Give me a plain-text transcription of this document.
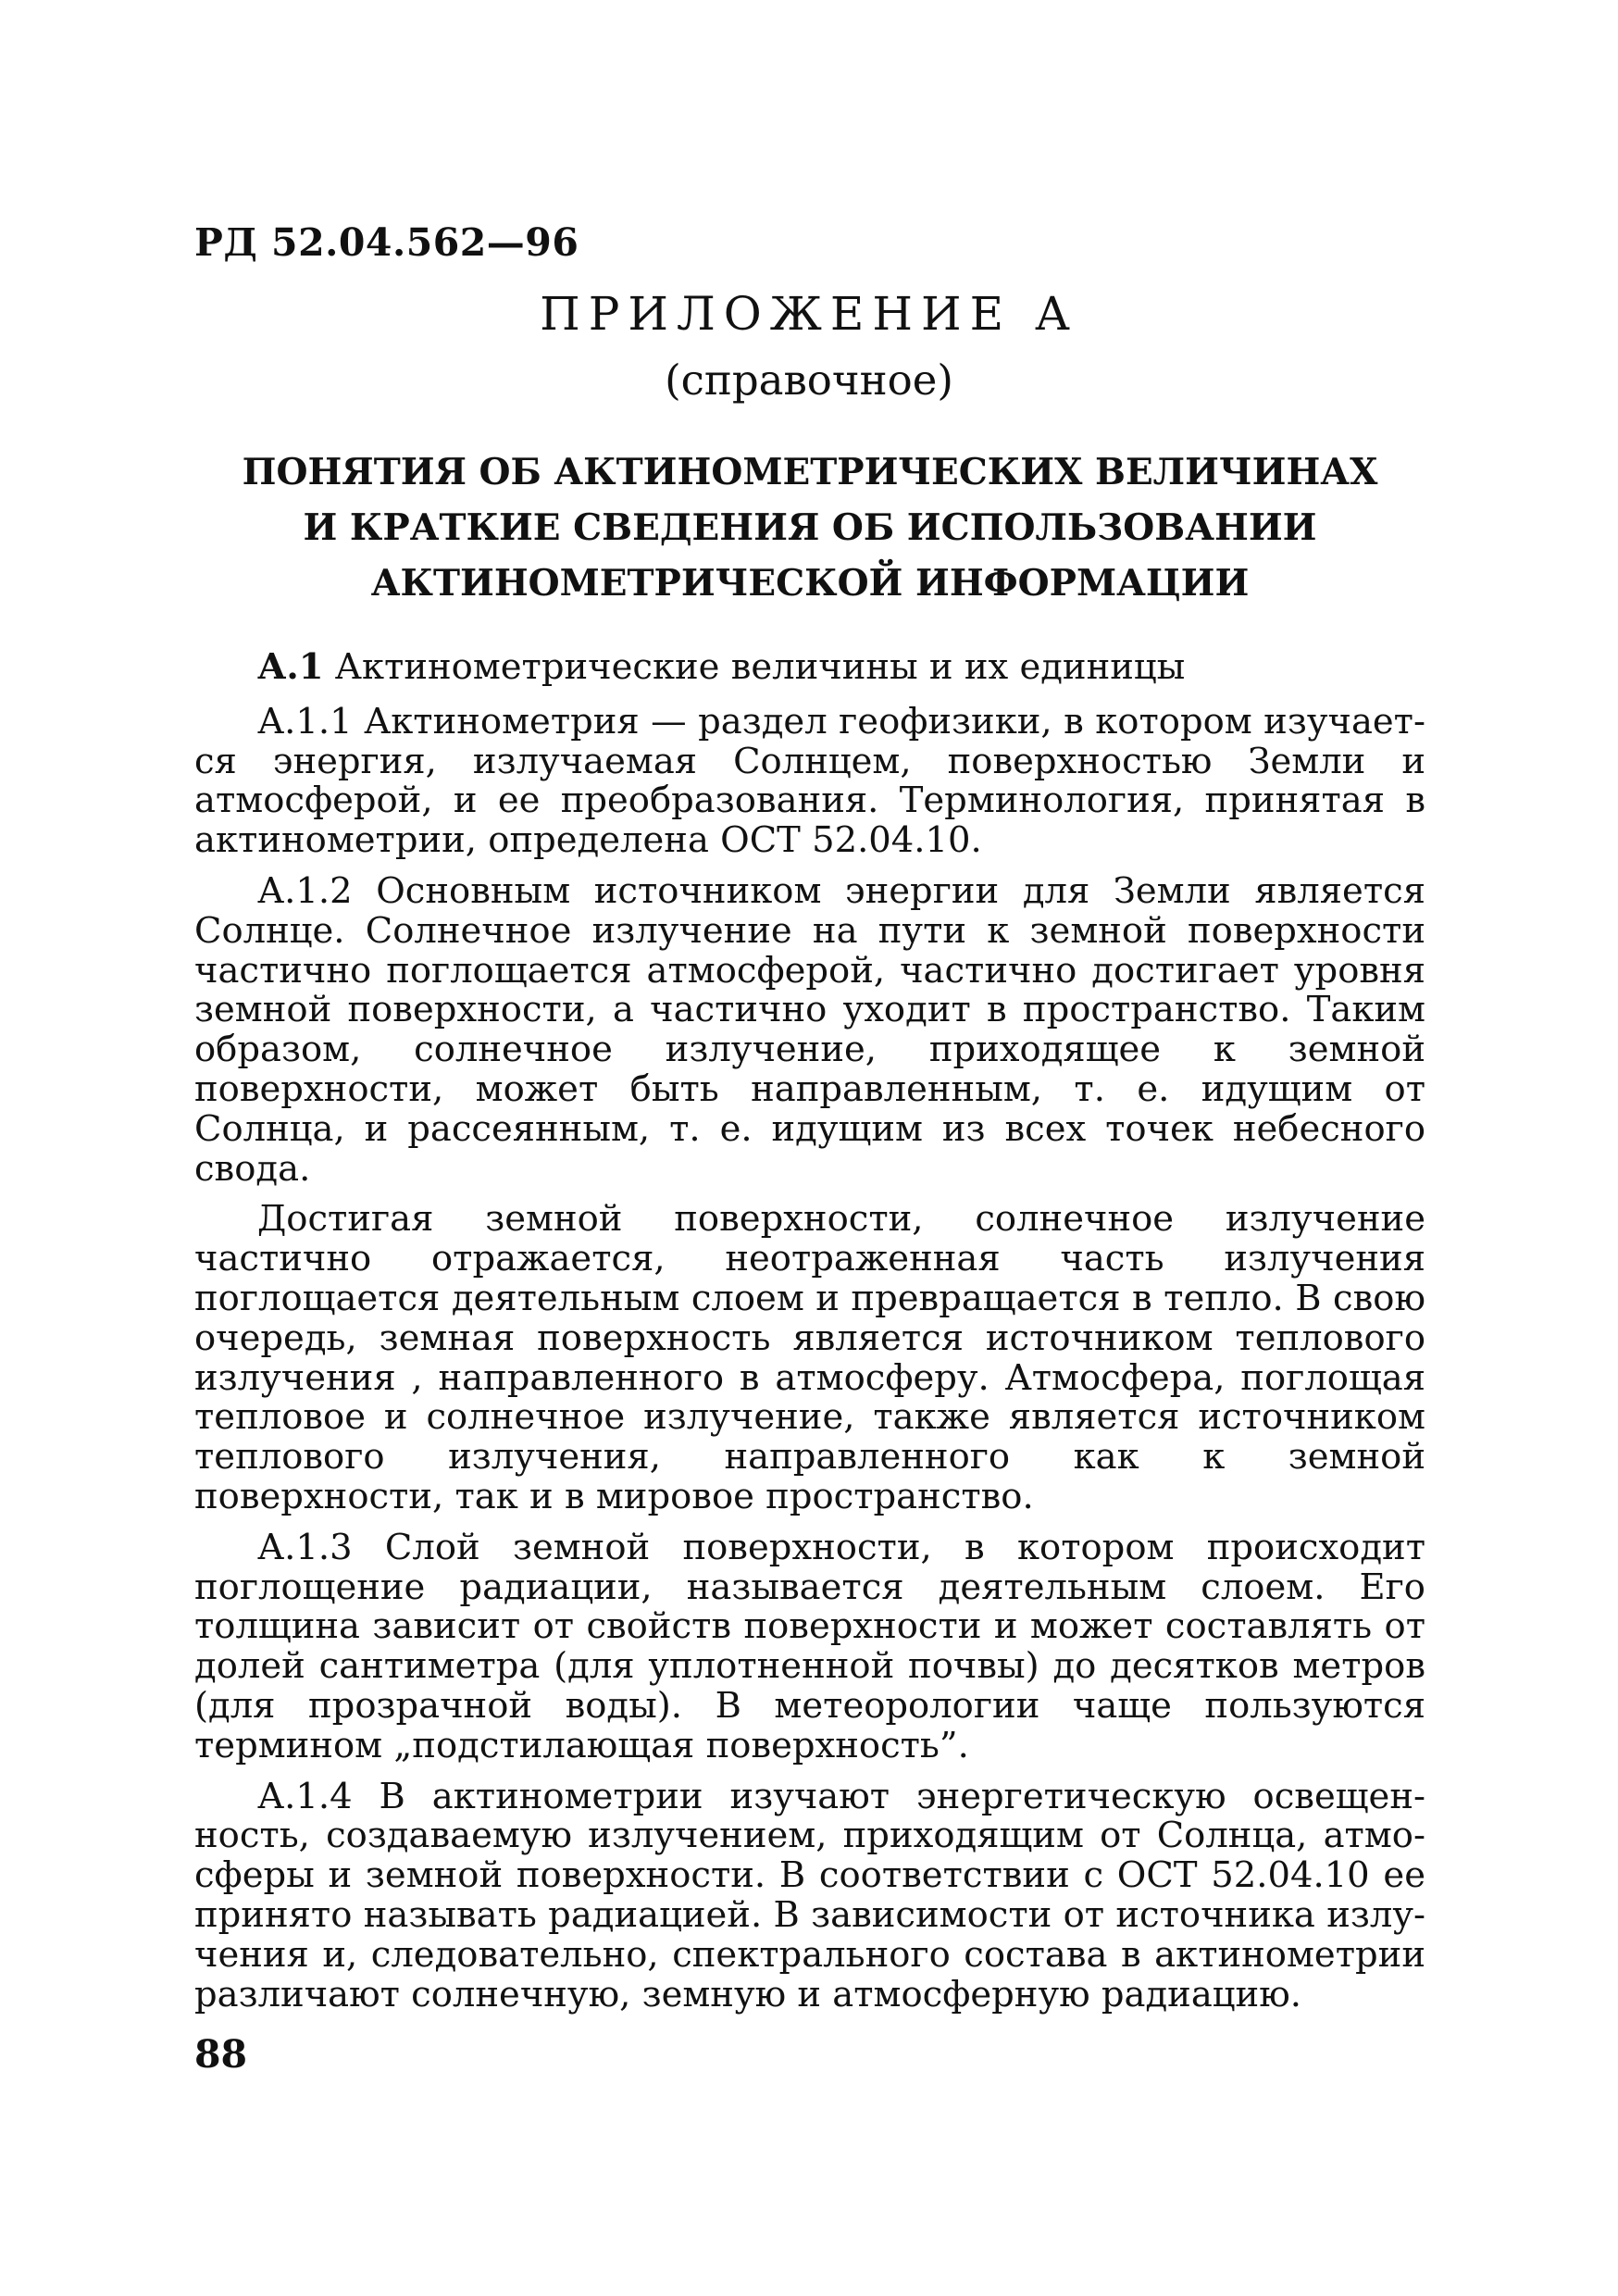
РД 52.04.562—96
ПРИЛОЖЕНИЕ А
(справочное)
ПОНЯТИЯ ОБ АКТИНОМЕТРИЧЕСКИХ ВЕЛИЧИНАХ И КРАТКИЕ СВЕДЕНИЯ ОБ ИСПОЛЬЗОВАНИИ АКТИНОМЕТРИЧЕСКОЙ ИНФОРМАЦИИ

А.1 Актинометрические величины и их единицы

А.1.1 Актинометрия — раздел геофизики, в котором изучается энергия, излучаемая Солнцем, поверхностью Земли и атмосферой, и ее преобразования. Терминология, принятая в актинометрии, определена ОСТ 52.04.10.

А.1.2 Основным источником энергии для Земли является Солнце. Солнечное излучение на пути к земной поверхности частично поглощается атмосферой, частично достигает уровня земной поверхности, а частично уходит в пространство. Таким образом, солнечное излучение, приходящее к земной поверхности, может быть направленным, т. е. идущим от Солнца, и рассеянным, т. е. идущим из всех точек небесного свода.

Достигая земной поверхности, солнечное излучение частично отражается, неотраженная часть излучения поглощается деятельным слоем и превращается в тепло. В свою очередь, земная поверхность является источником теплового излучения , направленного в атмосферу. Атмосфера, поглощая тепловое и солнечное излучение, также является источником теплового излучения, направленного как к земной поверхности, так и в мировое пространство.

А.1.3 Слой земной поверхности, в котором происходит поглощение радиации, называется деятельным слоем. Его толщина зависит от свойств поверхности и может составлять от долей сантиметра (для уплотненной почвы) до десятков метров (для прозрачной воды). В метеорологии чаще пользуются термином „подстилающая поверхность”.

А.1.4 В актинометрии изучают энергетическую освещенность, создаваемую излучением, приходящим от Солнца, атмосферы и земной поверхности. В соответствии с ОСТ 52.04.10 ее принято называть радиацией. В зависимости от источника излучения и, следовательно, спектрального состава в актинометрии различают солнечную, земную и атмосферную радиацию.

88
